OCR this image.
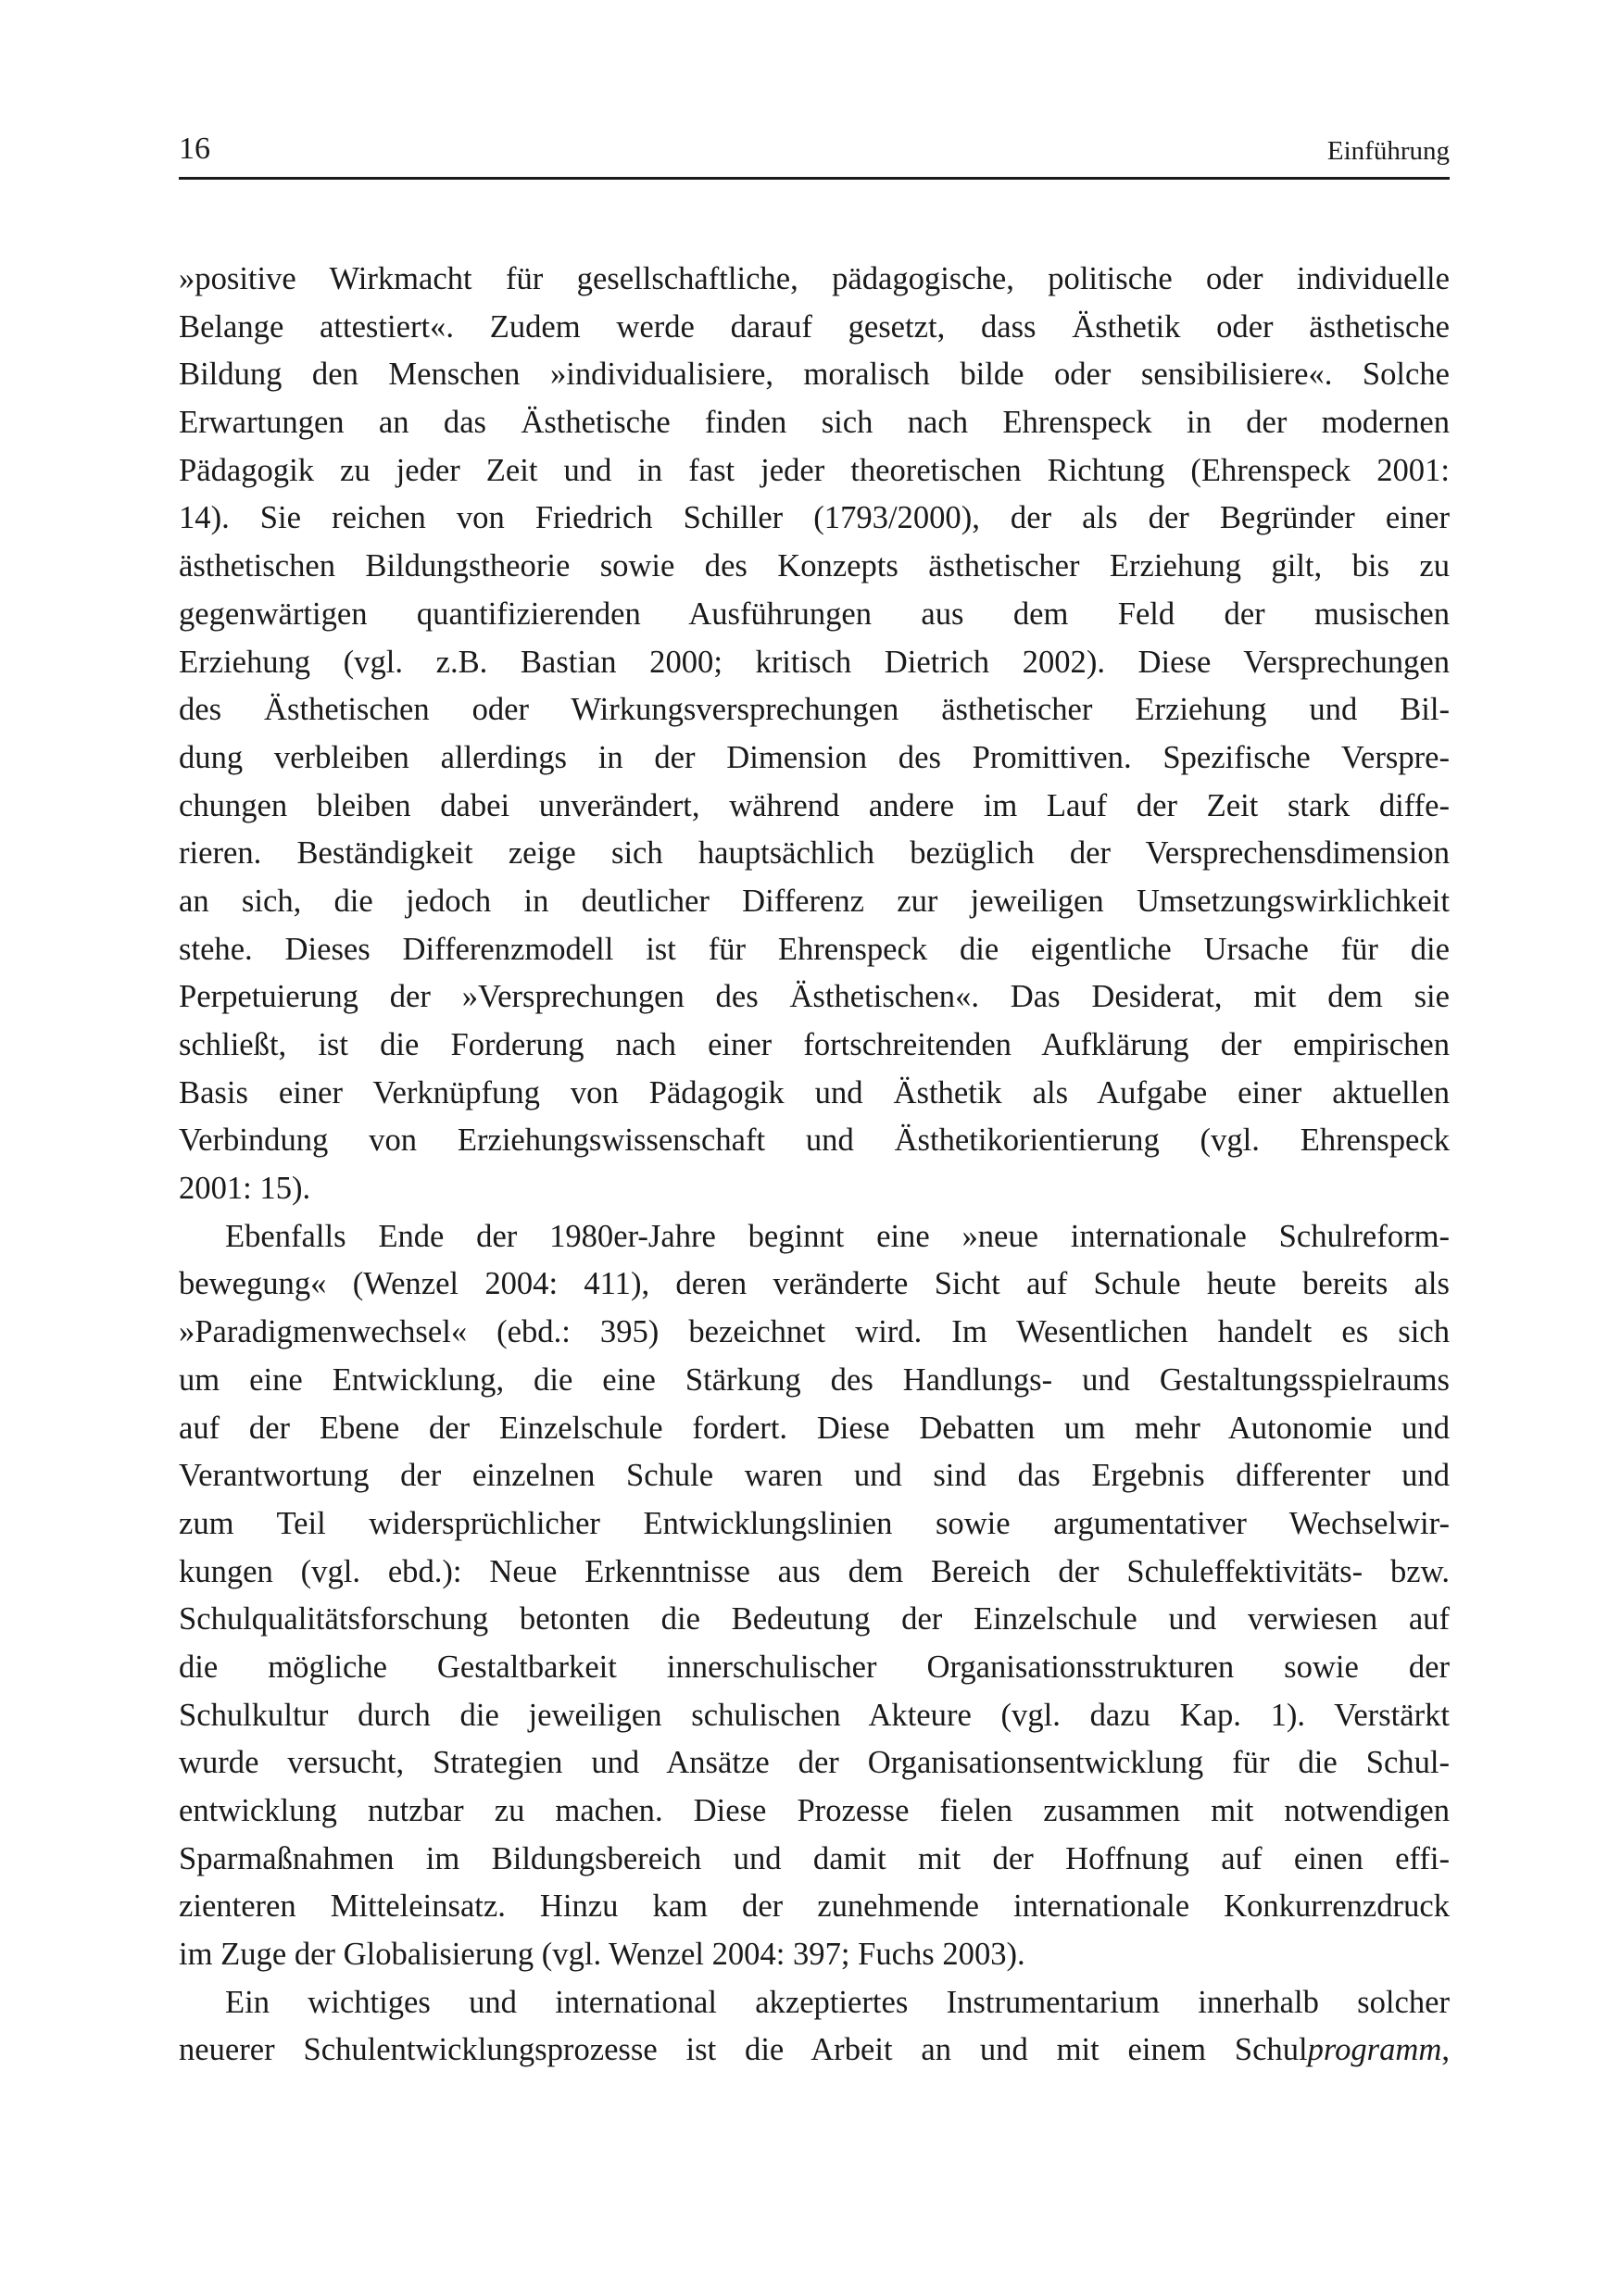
16	Einführung
»positive Wirkmacht für gesellschaftliche, pädagogische, politische oder individuelle
Belange attestiert«. Zudem werde darauf gesetzt, dass Ästhetik oder ästhetische
Bildung den Menschen »individualisiere, moralisch bilde oder sensibilisiere«. Solche
Erwartungen an das Ästhetische finden sich nach Ehrenspeck in der modernen
Pädagogik zu jeder Zeit und in fast jeder theoretischen Richtung (Ehrenspeck 2001:
14). Sie reichen von Friedrich Schiller (1793/2000), der als der Begründer einer
ästhetischen Bildungstheorie sowie des Konzepts ästhetischer Erziehung gilt, bis zu
gegenwärtigen quantifizierenden Ausführungen aus dem Feld der musischen
Erziehung (vgl. z.B. Bastian 2000; kritisch Dietrich 2002). Diese Versprechungen
des Ästhetischen oder Wirkungsversprechungen ästhetischer Erziehung und Bil-
dung verbleiben allerdings in der Dimension des Promittiven. Spezifische Verspre-
chungen bleiben dabei unverändert, während andere im Lauf der Zeit stark diffe-
rieren. Beständigkeit zeige sich hauptsächlich bezüglich der Versprechensdimension
an sich, die jedoch in deutlicher Differenz zur jeweiligen Umsetzungswirklichkeit
stehe. Dieses Differenzmodell ist für Ehrenspeck die eigentliche Ursache für die
Perpetuierung der »Versprechungen des Ästhetischen«. Das Desiderat, mit dem sie
schließt, ist die Forderung nach einer fortschreitenden Aufklärung der empirischen
Basis einer Verknüpfung von Pädagogik und Ästhetik als Aufgabe einer aktuellen
Verbindung von Erziehungswissenschaft und Ästhetikorientierung (vgl. Ehrenspeck
2001: 15).
Ebenfalls Ende der 1980er-Jahre beginnt eine »neue internationale Schulreform-
bewegung« (Wenzel 2004: 411), deren veränderte Sicht auf Schule heute bereits als
»Paradigmenwechsel« (ebd.: 395) bezeichnet wird. Im Wesentlichen handelt es sich
um eine Entwicklung, die eine Stärkung des Handlungs- und Gestaltungsspielraums
auf der Ebene der Einzelschule fordert. Diese Debatten um mehr Autonomie und
Verantwortung der einzelnen Schule waren und sind das Ergebnis differenter und
zum Teil widersprüchlicher Entwicklungslinien sowie argumentativer Wechselwir-
kungen (vgl. ebd.): Neue Erkenntnisse aus dem Bereich der Schuleffektivitäts- bzw.
Schulqualitätsforschung betonten die Bedeutung der Einzelschule und verwiesen auf
die mögliche Gestaltbarkeit innerschulischer Organisationsstrukturen sowie der
Schulkultur durch die jeweiligen schulischen Akteure (vgl. dazu Kap. 1). Verstärkt
wurde versucht, Strategien und Ansätze der Organisationsentwicklung für die Schul-
entwicklung nutzbar zu machen. Diese Prozesse fielen zusammen mit notwendigen
Sparmaßnahmen im Bildungsbereich und damit mit der Hoffnung auf einen effi-
zienteren Mitteleinsatz. Hinzu kam der zunehmende internationale Konkurrenzdruck
im Zuge der Globalisierung (vgl. Wenzel 2004: 397; Fuchs 2003).
Ein wichtiges und international akzeptiertes Instrumentarium innerhalb solcher
neuerer Schulentwicklungsprozesse ist die Arbeit an und mit einem Schulprogramm,
